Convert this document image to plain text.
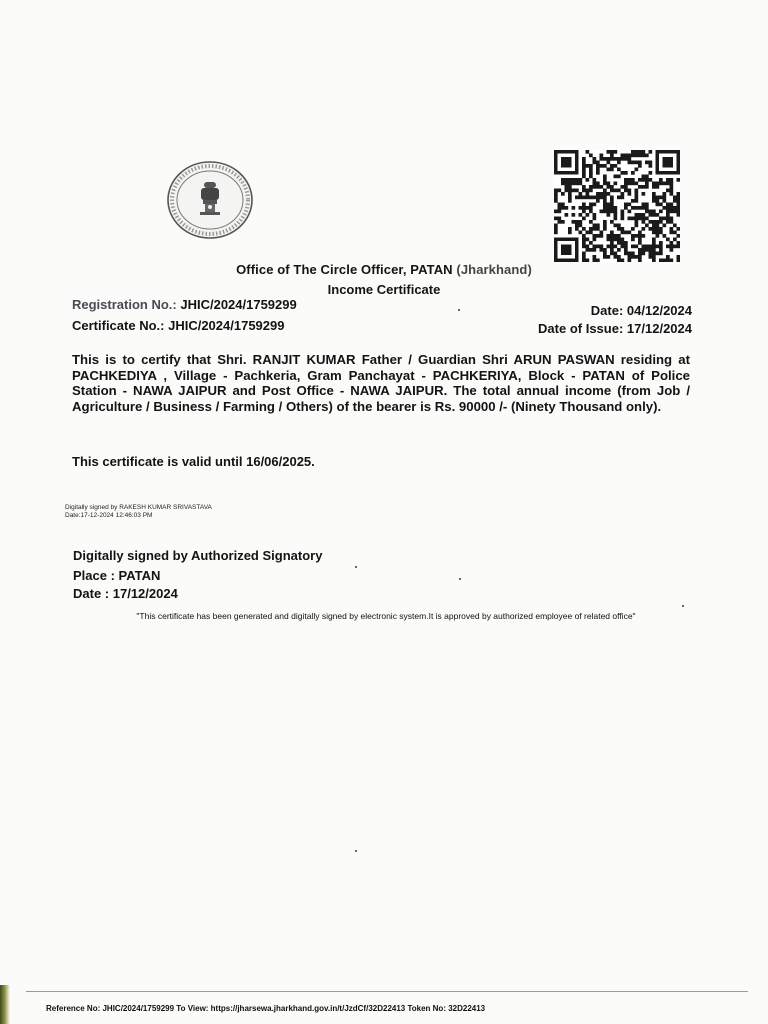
Office of The Circle Officer, PATAN (Jharkhand)
Income Certificate
Registration No.: JHIC/2024/1759299
Certificate No.: JHIC/2024/1759299
Date: 04/12/2024
Date of Issue: 17/12/2024
This is to certify that Shri. RANJIT KUMAR Father / Guardian Shri ARUN PASWAN residing at PACHKEDIYA , Village - Pachkeria, Gram Panchayat - PACHKERIYA, Block - PATAN of Police Station - NAWA JAIPUR and Post Office - NAWA JAIPUR. The total annual income (from Job / Agriculture / Business / Farming / Others) of the bearer is Rs. 90000 /- (Ninety Thousand only).
This certificate is valid until 16/06/2025.
Digitally signed by RAKESH KUMAR SRIVASTAVA
Date:17-12-2024 12:46:03 PM
Digitally signed by Authorized Signatory
Place : PATAN
Date : 17/12/2024
"This certificate has been generated and digitally signed by electronic system.It is approved by authorized employee of related office"
Reference No: JHIC/2024/1759299 To View: https://jharsewa.jharkhand.gov.in/t/JzdCf/32D22413 Token No: 32D22413
